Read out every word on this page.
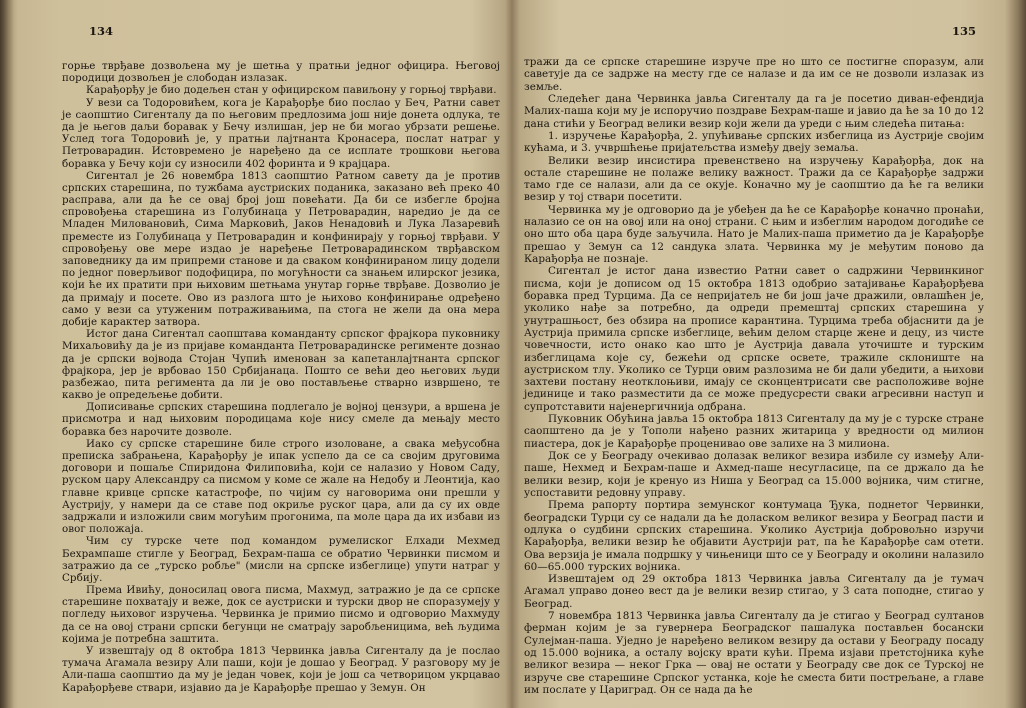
134

горње тврђаве дозвољена му је шетња у пратњи једног официра. Његовој породици дозвољен је слободан излазак.

Карађорђу је био додељен стан у официрском павиљону у горњој тврђави.

У вези са Тодоровићем, кога је Карађорђе био послао у Беч, Ратни савет је саопштио Сигенталу да по његовим предлозима још није донета одлука, те да је његов даљи боравак у Бечу излишан, јер не би могао убрзати решење. Услед тога Тодоровић је, у пратњи лајтнанта Кронасера, послат натраг у Петроварадин. Истовремено је наређено да се исплате трошкови његова боравка у Бечу који су износили 402 форинта и 9 крајцара.

Сигентал је 26 новембра 1813 саопштио Ратном савету да је против српских старешина, по тужбама аустриских поданика, заказано већ преко 40 расправа, али да ће се овај број још повећати. Да би се избегле бројна спровођења старешина из Голубинаца у Петроварадин, наредио је да се Младен Миловановић, Сима Марковић, Јаков Ненадовић и Лука Лазаревић преместе из Голубинаца у Петроварадин и конфинирају у горњој тврђави. У спровођењу ове мере издао је наређење Петроварадинском тврђавском заповеднику да им припреми станове и да сваком конфинираном лицу додели по једног поверљивог подофицира, по могућности са знањем илирског језика, који ће их пратити при њиховим шетњама унутар горње тврђаве. Дозволио је да примају и посете. Ово из разлога што је њихово конфинирање одређено само у вези са утуженим потраживањима, па стога не жели да она мера добије карактер затвора.

Истог дана Сигентал саопштава команданту српског фрајкора пуковнику Михаљовићу да је из пријаве команданта Петроварадинске регименте дознао да је српски војвода Стојан Чупић именован за капетанлајтнанта српског фрајкора, јер је врбовао 150 Србијанаца. Пошто се већи део његових људи разбежао, пита регимента да ли је ово постављење стварно извршено, те какво је опредељење добити.

Дописивање српских старешина подлегало је војној цензури, а вршена је присмотра и над њиховим породицама које нису смеле да мењају место боравка без нарочите дозволе.

Иако су српске старешине биле строго изоловане, а свака међусобна преписка забрањена, Карађорђу је ипак успело да се са својим друговима договори и пошаље Спиридона Филиповића, који се налазио у Новом Саду, руском цару Александру са писмом у коме се жале на Недобу и Леонтија, као главне кривце српске катастрофе, по чијим су наговорима они прешли у Аустрију, у намери да се ставе под окриље руског цара, али да су их овде задржали и изложили свим могућим прогонима, па моле цара да их избави из овог положаја.

Чим су турске чете под командом румелиског Елхади Мехмед Бехрампаше стигле у Београд, Бехрам-паша се обратио Червинки писмом и затражио да се „турско робље" (мисли на српске избеглице) упути натраг у Србију.

Према Ивићу, доносилац овога писма, Махмуд, затражио је да се српске старешине похватају и веже, док се аустриски и турски двор не споразумеју у погледу њиховог изручења. Червинка је примио писмо и одговорио Махмуду да се на овој страни српски бегунци не сматрају заробљеницима, већ људима којима је потребна заштита.

У извештају од 8 октобра 1813 Червинка јавља Сигенталу да је послао тумача Агамала везиру Али паши, који је дошао у Београд. У разговору му је Али-паша саопштио да му је један човек, који је још са четворицом укрцавао Карађорђеве ствари, изјавио да је Карађорђе прешао у Земун. Он

135

тражи да се српске старешине изруче пре но што се постигне споразум, али саветује да се задрже на месту где се налазе и да им се не дозволи излазак из земље.

Следећег дана Червинка јавља Сигенталу да га је посетио диван-ефендија Малих-паша који му је испоручио поздраве Бехрам-паше и јавио да ће за 10 до 12 дана стићи у Београд велики везир који жели да уреди с њим следећа питања:

1. изручење Карађорђа, 2. упућивање српских избеглица из Аустрије својим кућама, и 3. учвршћење пријатељства између двеју земаља.

Велики везир инсистира превенствено на изручењу Карађорђа, док на остале старешине не полаже велику важност. Тражи да се Карађорђе задржи тамо где се налази, али да се окује. Коначно му је саопштио да ће га велики везир у тој ствари посетити.

Червинка му је одговорио да је убеђен да ће се Карађорђе коначно пронаћи, налазио се он на овој или на оној страни. С њим и избеглим народом догодиће се оно што оба цара буде заључила. Нато је Малих-паша приметио да је Карађорђе прешао у Земун са 12 сандука злата. Червинка му је међутим поново да Карађорђа не познаје.

Сигентал је истог дана известио Ратни савет о садржини Червинкиног писма, који је дописом од 15 октобра 1813 одобрио затајивање Карађорђева боравка пред Турцима. Да се непријатељ не би још јаче дражили, овлашћен је, уколико нађе за потребно, да одреди премештај српских старешина у унутрашњост, без обзира на прописе карантина. Турцима треба објаснити да је Аустрија примила српске избеглице, већим делом старце жене и децу, из чисте човечности, исто онако као што је Аустрија давала уточиште и турским избеглицама које су, бежећи од српске освете, тражиле склониште на аустриском тлу. Уколико се Турци овим разлозима не би дали убедити, а њихови захтеви постану неотклоњиви, имају се сконцентрисати све расположиве војне јединице и тако разместити да се може предусрести сваки агресивни наступ и супротставити најенергичнија одбрана.

Пуковник Обућина јавља 15 октобра 1813 Сигенталу да му је с турске стране саопштено да је у Тополи нађено разних житарица у вредности од милион пиастера, док је Карађорђе проценивао ове залихе на 3 милиона.

Док се у Београду очекивао долазак великог везира избиле су између Али-паше, Нехмед и Бехрам-паше и Ахмед-паше несугласице, па се држало да ће велики везир, који је кренуо из Ниша у Београд са 15.000 војника, чим стигне, успоставити редовну управу.

Према рапорту портира земунског контумаца Ђука, поднетог Червинки, београдски Турци су се надали да ће доласком великог везира у Београд пасти и одлука о судбини српских старешина. Уколико Аустрија добровољно изручи Карађорђа, велики везир ће објавити Аустрији рат, па ће Карађорђе сам отети. Ова верзија је имала подршку у чињеници што се у Београду и околини налазило 60—65.000 турских војника.

Извештајем од 29 октобра 1813 Червинка јавља Сигенталу да је тумач Агамал управо донео вест да је велики везир стигао, у 3 сата поподне, стигао у Београд.

7 новембра 1813 Червинка јавља Сигенталу да је стигао у Београд султанов ферман којим је за гувернера Београдског пашалука постављен босански Сулејман-паша. Уједно је наређено великом везиру да остави у Београду посаду од 15.000 војника, а осталу војску врати кући. Према изјави претстојника куће великог везира — неког Грка — овај не остати у Београду све док се Турској не изруче све старешине Српског устанка, које ће сместа бити пострељане, а главе им послате у Цариград. Он се нада да ће
